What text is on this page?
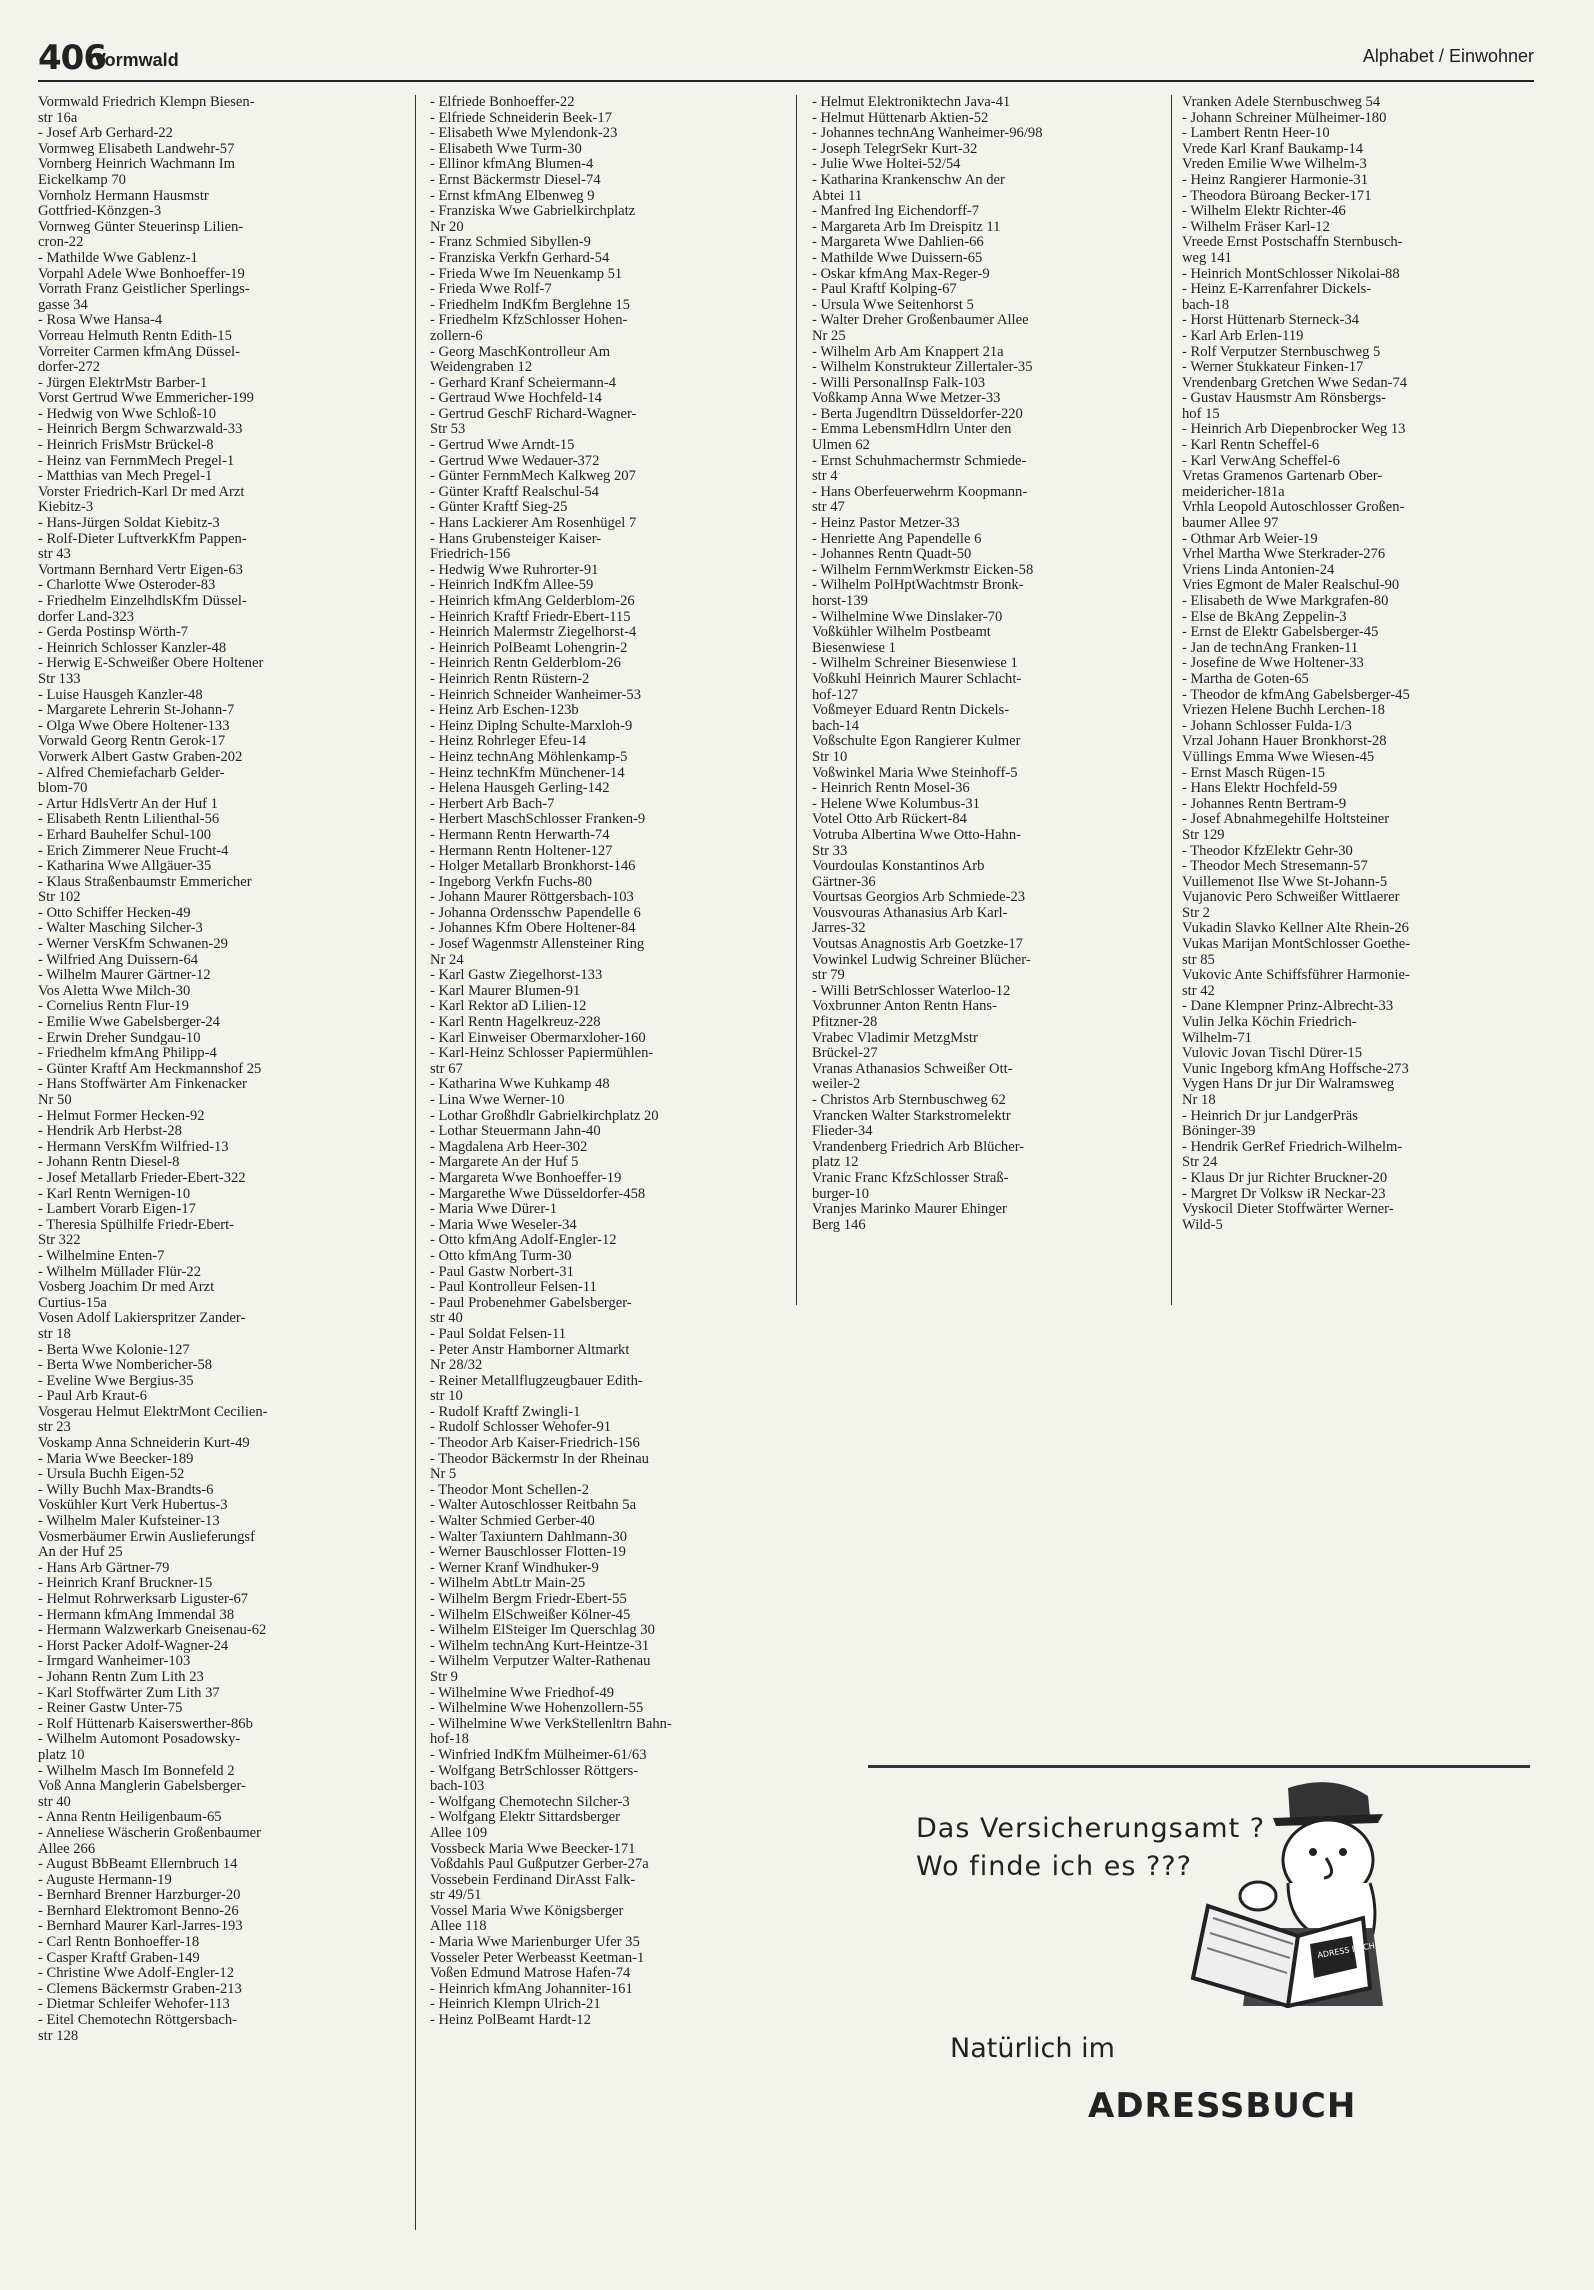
406
Vormwald	Alphabet / Einwohner
Vormwald Friedrich Klempn Biesen-
str 16a
- Josef Arb Gerhard-22
Vormweg Elisabeth Landwehr-57
Vornberg Heinrich Wachmann Im
Eickelkamp 70
Vornholz Hermann Hausmstr
Gottfried-Könzgen-3
Vornweg Günter Steuerinsp Lilien-
cron-22
- Mathilde Wwe Gablenz-1
Vorpahl Adele Wwe Bonhoeffer-19
Vorrath Franz Geistlicher Sperlings-
gasse 34
- Rosa Wwe Hansa-4
Vorreau Helmuth Rentn Edith-15
Vorreiter Carmen kfmAng Düssel-
dorfer-272
- Jürgen ElektrMstr Barber-1
Vorst Gertrud Wwe Emmericher-199
- Hedwig von Wwe Schloß-10
- Heinrich Bergm Schwarzwald-33
- Heinrich FrisMstr Brückel-8
- Heinz van FernmMech Pregel-1
- Matthias van Mech Pregel-1
Vorster Friedrich-Karl Dr med Arzt
Kiebitz-3
- Hans-Jürgen Soldat Kiebitz-3
- Rolf-Dieter LuftverkKfm Pappen-
str 43
Vortmann Bernhard Vertr Eigen-63
- Charlotte Wwe Osteroder-83
- Friedhelm EinzelhdlsKfm Düssel-
dorfer Land-323
- Gerda Postinsp Wörth-7
- Heinrich Schlosser Kanzler-48
- Herwig E-Schweißer Obere Holtener
Str 133
- Luise Hausgeh Kanzler-48
- Margarete Lehrerin St-Johann-7
- Olga Wwe Obere Holtener-133
Vorwald Georg Rentn Gerok-17
Vorwerk Albert Gastw Graben-202
- Alfred Chemiefacharb Gelder-
blom-70
- Artur HdlsVertr An der Huf 1
- Elisabeth Rentn Lilienthal-56
- Erhard Bauhelfer Schul-100
- Erich Zimmerer Neue Frucht-4
- Katharina Wwe Allgäuer-35
- Klaus Straßenbaumstr Emmericher
Str 102
- Otto Schiffer Hecken-49
- Walter Masching Silcher-3
- Werner VersKfm Schwanen-29
- Wilfried Ang Duissern-64
- Wilhelm Maurer Gärtner-12
Vos Aletta Wwe Milch-30
- Cornelius Rentn Flur-19
- Emilie Wwe Gabelsberger-24
- Erwin Dreher Sundgau-10
- Friedhelm kfmAng Philipp-4
- Günter Kraftf Am Heckmannshof 25
- Hans Stoffwärter Am Finkenacker
Nr 50
- Helmut Former Hecken-92
- Hendrik Arb Herbst-28
- Hermann VersKfm Wilfried-13
- Johann Rentn Diesel-8
- Josef Metallarb Frieder-Ebert-322
- Karl Rentn Wernigen-10
- Lambert Vorarb Eigen-17
- Theresia Spülhilfe Friedr-Ebert-
Str 322
- Wilhelmine Enten-7
- Wilhelm Müllader Flür-22
Vosberg Joachim Dr med Arzt
Curtius-15a
Vosen Adolf Lakierspritzer Zander-
str 18
- Berta Wwe Kolonie-127
- Berta Wwe Nombericher-58
- Eveline Wwe Bergius-35
- Paul Arb Kraut-6
Vosgerau Helmut ElektrMont Cecilien-
str 23
Voskamp Anna Schneiderin Kurt-49
- Maria Wwe Beecker-189
- Ursula Buchh Eigen-52
- Willy Buchh Max-Brandts-6
Voskühler Kurt Verk Hubertus-3
- Wilhelm Maler Kufsteiner-13
Vosmerbäumer Erwin Auslieferungsf
An der Huf 25
- Hans Arb Gärtner-79
- Heinrich Kranf Bruckner-15
- Helmut Rohrwerksarb Liguster-67
- Hermann kfmAng Immendal 38
- Hermann Walzwerkarb Gneisenau-62
- Horst Packer Adolf-Wagner-24
- Irmgard Wanheimer-103
- Johann Rentn Zum Lith 23
- Karl Stoffwärter Zum Lith 37
- Reiner Gastw Unter-75
- Rolf Hüttenarb Kaiserswerther-86b
- Wilhelm Automont Posadowsky-
platz 10
- Wilhelm Masch Im Bonnefeld 2
Voß Anna Manglerin Gabelsberger-
str 40
- Anna Rentn Heiligenbaum-65
- Anneliese Wäscherin Großenbaumer
Allee 266
- August BbBeamt Ellernbruch 14
- Auguste Hermann-19
- Bernhard Brenner Harzburger-20
- Bernhard Elektromont Benno-26
- Bernhard Maurer Karl-Jarres-193
- Carl Rentn Bonhoeffer-18
- Casper Kraftf Graben-149
- Christine Wwe Adolf-Engler-12
- Clemens Bäckermstr Graben-213
- Dietmar Schleifer Wehofer-113
- Eitel Chemotechn Röttgersbach-
str 128
- Elfriede Bonhoeffer-22
- Elfriede Schneiderin Beek-17
- Elisabeth Wwe Mylendonk-23
- Elisabeth Wwe Turm-30
- Ellinor kfmAng Blumen-4
- Ernst Bäckermstr Diesel-74
- Ernst kfmAng Elbenweg 9
- Franziska Wwe Gabrielkirchplatz
Nr 20
- Franz Schmied Sibyllen-9
- Franziska Verkfn Gerhard-54
- Frieda Wwe Im Neuenkamp 51
- Frieda Wwe Rolf-7
- Friedhelm IndKfm Berglehne 15
- Friedhelm KfzSchlosser Hohen-
zollern-6
- Georg MaschKontrolleur Am
Weidengraben 12
- Gerhard Kranf Scheiermann-4
- Gertraud Wwe Hochfeld-14
- Gertrud GeschF Richard-Wagner-
Str 53
- Gertrud Wwe Arndt-15
- Gertrud Wwe Wedauer-372
- Günter FernmMech Kalkweg 207
- Günter Kraftf Realschul-54
- Günter Kraftf Sieg-25
- Hans Lackierer Am Rosenhügel 7
- Hans Grubensteiger Kaiser-
Friedrich-156
- Hedwig Wwe Ruhrorter-91
- Heinrich IndKfm Allee-59
- Heinrich kfmAng Gelderblom-26
- Heinrich Kraftf Friedr-Ebert-115
- Heinrich Malermstr Ziegelhorst-4
- Heinrich PolBeamt Lohengrin-2
- Heinrich Rentn Gelderblom-26
- Heinrich Rentn Rüstern-2
- Heinrich Schneider Wanheimer-53
- Heinz Arb Eschen-123b
- Heinz Diplng Schulte-Marxloh-9
- Heinz Rohrleger Efeu-14
- Heinz technAng Möhlenkamp-5
- Heinz technKfm Münchener-14
- Helena Hausgeh Gerling-142
- Herbert Arb Bach-7
- Herbert MaschSchlosser Franken-9
- Hermann Rentn Herwarth-74
- Hermann Rentn Holtener-127
- Holger Metallarb Bronkhorst-146
- Ingeborg Verkfn Fuchs-80
- Johann Maurer Röttgersbach-103
- Johanna Ordensschw Papendelle 6
- Johannes Kfm Obere Holtener-84
- Josef Wagenmstr Allensteiner Ring
Nr 24
- Karl Gastw Ziegelhorst-133
- Karl Maurer Blumen-91
- Karl Rektor aD Lilien-12
- Karl Rentn Hagelkreuz-228
- Karl Einweiser Obermarxloher-160
- Karl-Heinz Schlosser Papiermühlen-
str 67
- Katharina Wwe Kuhkamp 48
- Lina Wwe Werner-10
- Lothar Großhdlr Gabrielkirchplatz 20
- Lothar Steuermann Jahn-40
- Magdalena Arb Heer-302
- Margarete An der Huf 5
- Margareta Wwe Bonhoeffer-19
- Margarethe Wwe Düsseldorfer-458
- Maria Wwe Dürer-1
- Maria Wwe Weseler-34
- Otto kfmAng Adolf-Engler-12
- Otto kfmAng Turm-30
- Paul Gastw Norbert-31
- Paul Kontrolleur Felsen-11
- Paul Probenehmer Gabelsberger-
str 40
- Paul Soldat Felsen-11
- Peter Anstr Hamborner Altmarkt
Nr 28/32
- Reiner Metallflugzeugbauer Edith-
str 10
- Rudolf Kraftf Zwingli-1
- Rudolf Schlosser Wehofer-91
- Theodor Arb Kaiser-Friedrich-156
- Theodor Bäckermstr In der Rheinau
Nr 5
- Theodor Mont Schellen-2
- Walter Autoschlosser Reitbahn 5a
- Walter Schmied Gerber-40
- Walter Taxiuntern Dahlmann-30
- Werner Bauschlosser Flotten-19
- Werner Kranf Windhuker-9
- Wilhelm AbtLtr Main-25
- Wilhelm Bergm Friedr-Ebert-55
- Wilhelm ElSchweißer Kölner-45
- Wilhelm ElSteiger Im Querschlag 30
- Wilhelm technAng Kurt-Heintze-31
- Wilhelm Verputzer Walter-Rathenau
Str 9
- Wilhelmine Wwe Friedhof-49
- Wilhelmine Wwe Hohenzollern-55
- Wilhelmine Wwe VerkStellenltrn Bahn-
hof-18
- Winfried IndKfm Mülheimer-61/63
- Wolfgang BetrSchlosser Röttgers-
bach-103
- Wolfgang Chemotechn Silcher-3
- Wolfgang Elektr Sittardsberger
Allee 109
Vossbeck Maria Wwe Beecker-171
Voßdahls Paul Gußputzer Gerber-27a
Vossebein Ferdinand DirAsst Falk-
str 49/51
Vossel Maria Wwe Königsberger
Allee 118
- Maria Wwe Marienburger Ufer 35
Vosseler Peter Werbeasst Keetman-1
Voßen Edmund Matrose Hafen-74
- Heinrich kfmAng Johanniter-161
- Heinrich Klempn Ulrich-21
- Heinz PolBeamt Hardt-12
- Helmut Elektroniktechn Java-41
- Helmut Hüttenarb Aktien-52
- Johannes technAng Wanheimer-96/98
- Joseph TelegrSekr Kurt-32
- Julie Wwe Holtei-52/54
- Katharina Krankenschw An der
Abtei 11
- Manfred Ing Eichendorff-7
- Margareta Arb Im Dreispitz 11
- Margareta Wwe Dahlien-66
- Mathilde Wwe Duissern-65
- Oskar kfmAng Max-Reger-9
- Paul Kraftf Kolping-67
- Ursula Wwe Seitenhorst 5
- Walter Dreher Großenbaumer Allee
Nr 25
- Wilhelm Arb Am Knappert 21a
- Wilhelm Konstrukteur Zillertaler-35
- Willi PersonalInsp Falk-103
Voßkamp Anna Wwe Metzer-33
- Berta Jugendltrn Düsseldorfer-220
- Emma LebensmHdlrn Unter den
Ulmen 62
- Ernst Schuhmachermstr Schmiede-
str 4
- Hans Oberfeuerwehrm Koopmann-
str 47
- Heinz Pastor Metzer-33
- Henriette Ang Papendelle 6
- Johannes Rentn Quadt-50
- Wilhelm FernmWerkmstr Eicken-58
- Wilhelm PolHptWachtmstr Bronk-
horst-139
- Wilhelmine Wwe Dinslaker-70
Voßkühler Wilhelm Postbeamt
Biesenwiese 1
- Wilhelm Schreiner Biesenwiese 1
Voßkuhl Heinrich Maurer Schlacht-
hof-127
Voßmeyer Eduard Rentn Dickels-
bach-14
Voßschulte Egon Rangierer Kulmer
Str 10
Voßwinkel Maria Wwe Steinhoff-5
- Heinrich Rentn Mosel-36
- Helene Wwe Kolumbus-31
Votel Otto Arb Rückert-84
Votruba Albertina Wwe Otto-Hahn-
Str 33
Vourdoulas Konstantinos Arb
Gärtner-36
Vourtsas Georgios Arb Schmiede-23
Vousvouras Athanasius Arb Karl-
Jarres-32
Voutsas Anagnostis Arb Goetzke-17
Vowinkel Ludwig Schreiner Blücher-
str 79
- Willi BetrSchlosser Waterloo-12
Voxbrunner Anton Rentn Hans-
Pfitzner-28
Vrabec Vladimir MetzgMstr
Brückel-27
Vranas Athanasios Schweißer Ott-
weiler-2
- Christos Arb Sternbuschweg 62
Vrancken Walter Starkstromelektr
Flieder-34
Vrandenberg Friedrich Arb Blücher-
platz 12
Vranic Franc KfzSchlosser Straß-
burger-10
Vranjes Marinko Maurer Ehinger
Berg 146
Vranken Adele Sternbuschweg 54
- Johann Schreiner Mülheimer-180
- Lambert Rentn Heer-10
Vrede Karl Kranf Baukamp-14
Vreden Emilie Wwe Wilhelm-3
- Heinz Rangierer Harmonie-31
- Theodora Büroang Becker-171
- Wilhelm Elektr Richter-46
- Wilhelm Fräser Karl-12
Vreede Ernst Postschaffn Sternbusch-
weg 141
- Heinrich MontSchlosser Nikolai-88
- Heinz E-Karrenfahrer Dickels-
bach-18
- Horst Hüttenarb Sterneck-34
- Karl Arb Erlen-119
- Rolf Verputzer Sternbuschweg 5
- Werner Stukkateur Finken-17
Vrendenbarg Gretchen Wwe Sedan-74
- Gustav Hausmstr Am Rönsbergs-
hof 15
- Heinrich Arb Diepenbrocker Weg 13
- Karl Rentn Scheffel-6
- Karl VerwAng Scheffel-6
Vretas Gramenos Gartenarb Ober-
meidericher-181a
Vrhla Leopold Autoschlosser Großen-
baumer Allee 97
- Othmar Arb Weier-19
Vrhel Martha Wwe Sterkrader-276
Vriens Linda Antonien-24
Vries Egmont de Maler Realschul-90
- Elisabeth de Wwe Markgrafen-80
- Else de BkAng Zeppelin-3
- Ernst de Elektr Gabelsberger-45
- Jan de technAng Franken-11
- Josefine de Wwe Holtener-33
- Martha de Goten-65
- Theodor de kfmAng Gabelsberger-45
Vriezen Helene Buchh Lerchen-18
- Johann Schlosser Fulda-1/3
Vrzal Johann Hauer Bronkhorst-28
Vüllings Emma Wwe Wiesen-45
- Ernst Masch Rügen-15
- Hans Elektr Hochfeld-59
- Johannes Rentn Bertram-9
- Josef Abnahmegehilfe Holtsteiner
Str 129
- Theodor KfzElektr Gehr-30
- Theodor Mech Stresemann-57
Vuillemenot Ilse Wwe St-Johann-5
Vujanovic Pero Schweißer Wittlaerer
Str 2
Vukadin Slavko Kellner Alte Rhein-26
Vukas Marijan MontSchlosser Goethe-
str 85
Vukovic Ante Schiffsführer Harmonie-
str 42
- Dane Klempner Prinz-Albrecht-33
Vulin Jelka Köchin Friedrich-
Wilhelm-71
Vulovic Jovan Tischl Dürer-15
Vunic Ingeborg kfmAng Hoffsche-273
Vygen Hans Dr jur Dir Walramsweg
Nr 18
- Heinrich Dr jur LandgerPräs
Böninger-39
- Hendrik GerRef Friedrich-Wilhelm-
Str 24
- Klaus Dr jur Richter Bruckner-20
- Margret Dr Volksw iR Neckar-23
Vyskocil Dieter Stoffwärter Werner-
Wild-5
Das Versicherungsamt ?
Wo finde ich es ???
ADRESS BUCH
Natürlich im
ADRESSBUCH
